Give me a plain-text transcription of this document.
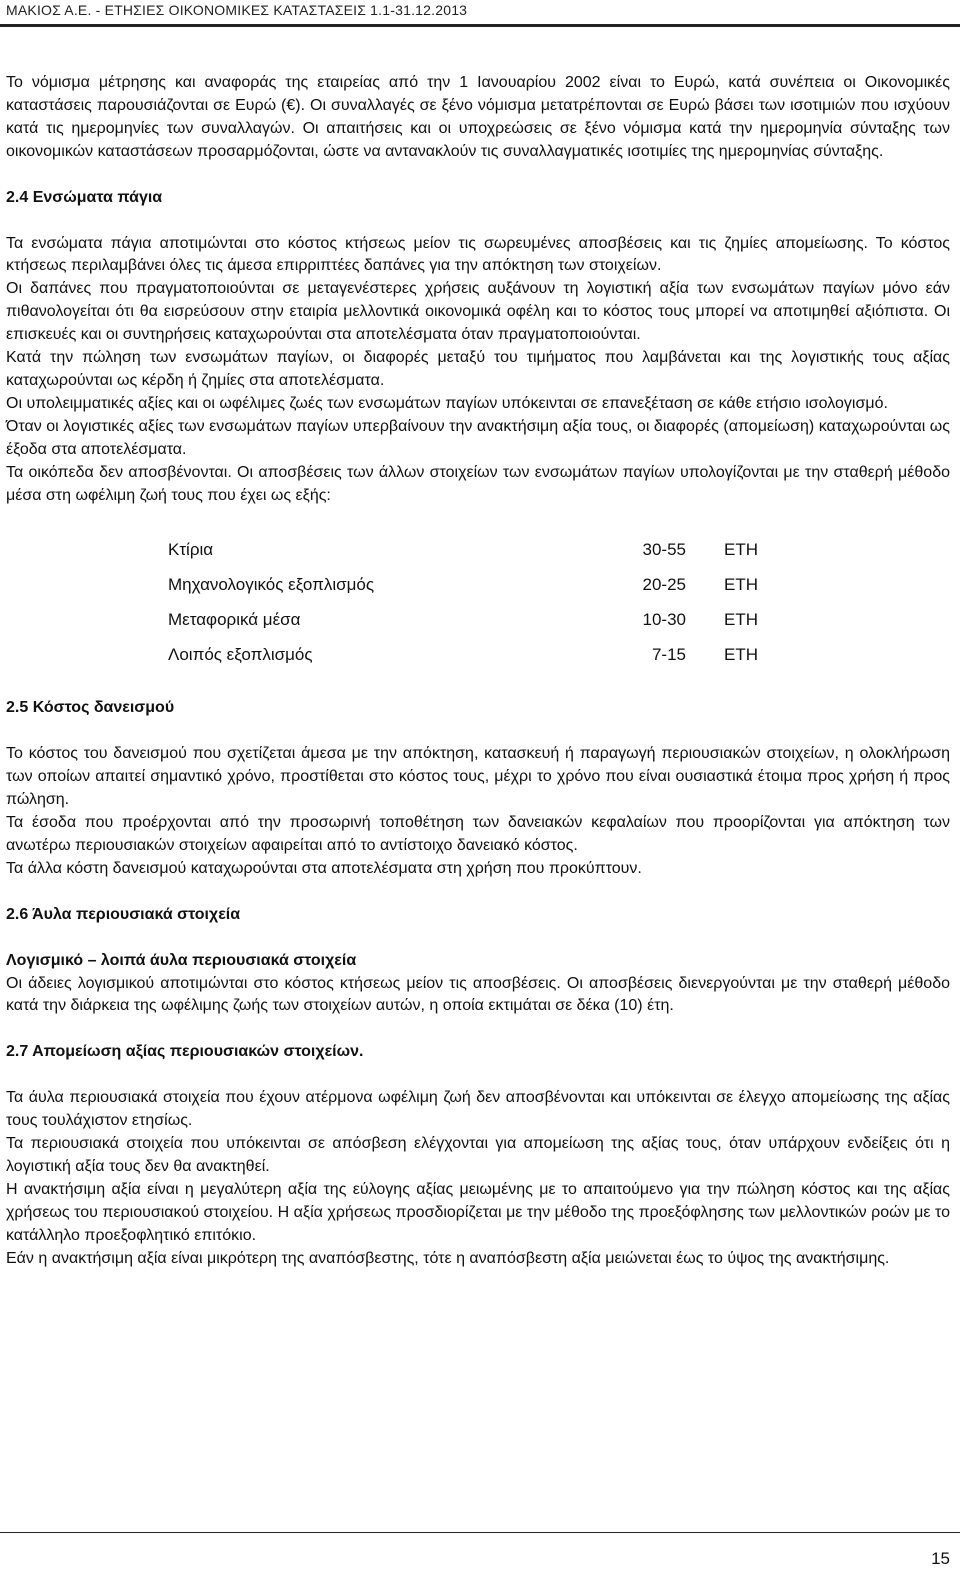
ΜΑΚΙΟΣ Α.Ε. - ΕΤΗΣΙΕΣ ΟΙΚΟΝΟΜΙΚΕΣ ΚΑΤΑΣΤΑΣΕΙΣ 1.1-31.12.2013

Το νόμισμα μέτρησης και αναφοράς της εταιρείας από την 1 Ιανουαρίου 2002 είναι το Ευρώ, κατά συνέπεια οι Οικονομικές καταστάσεις παρουσιάζονται σε Ευρώ (€). Οι συναλλαγές σε ξένο νόμισμα μετατρέπονται σε Ευρώ βάσει των ισοτιμιών που ισχύουν κατά τις ημερομηνίες των συναλλαγών. Οι απαιτήσεις και οι υποχρεώσεις σε ξένο νόμισμα κατά την ημερομηνία σύνταξης των οικονομικών καταστάσεων προσαρμόζονται, ώστε να αντανακλούν τις συναλλαγματικές ισοτιμίες της ημερομηνίας σύνταξης.

2.4 Ενσώματα πάγια

Τα ενσώματα πάγια αποτιμώνται στο κόστος κτήσεως μείον τις σωρευμένες αποσβέσεις και τις ζημίες απομείωσης. Το κόστος κτήσεως περιλαμβάνει όλες τις άμεσα επιρριπτέες δαπάνες για την απόκτηση των στοιχείων.

Οι δαπάνες που πραγματοποιούνται σε μεταγενέστερες χρήσεις αυξάνουν τη λογιστική αξία των ενσωμάτων παγίων μόνο εάν πιθανολογείται ότι θα εισρεύσουν στην εταιρία μελλοντικά οικονομικά οφέλη και το κόστος τους μπορεί να αποτιμηθεί αξιόπιστα. Οι επισκευές και οι συντηρήσεις καταχωρούνται στα αποτελέσματα όταν πραγματοποιούνται.

Κατά την πώληση των ενσωμάτων παγίων, οι διαφορές μεταξύ του τιμήματος που λαμβάνεται και της λογιστικής τους αξίας καταχωρούνται ως κέρδη ή ζημίες στα αποτελέσματα.

Οι υπολειμματικές αξίες και οι ωφέλιμες ζωές των ενσωμάτων παγίων υπόκεινται σε επανεξέταση σε κάθε ετήσιο ισολογισμό.

Όταν οι λογιστικές αξίες των ενσωμάτων παγίων υπερβαίνουν την ανακτήσιμη αξία τους, οι διαφορές (απομείωση) καταχωρούνται ως έξοδα στα αποτελέσματα.

Τα οικόπεδα δεν αποσβένονται. Οι αποσβέσεις των άλλων στοιχείων των ενσωμάτων παγίων υπολογίζονται με την σταθερή μέθοδο μέσα στη ωφέλιμη ζωή τους που έχει ως εξής:

Κτίρια	30-55	ΕΤΗ
Μηχανολογικός εξοπλισμός	20-25	ΕΤΗ
Μεταφορικά μέσα	10-30	ΕΤΗ
Λοιπός εξοπλισμός	7-15	ΕΤΗ
2.5 Κόστος δανεισμού

Το κόστος του δανεισμού που σχετίζεται άμεσα με την απόκτηση, κατασκευή ή παραγωγή περιουσιακών στοιχείων, η ολοκλήρωση των οποίων απαιτεί σημαντικό χρόνο, προστίθεται στο κόστος τους, μέχρι το χρόνο που είναι ουσιαστικά έτοιμα προς χρήση ή προς πώληση.

Τα έσοδα που προέρχονται από την προσωρινή τοποθέτηση των δανειακών κεφαλαίων που προορίζονται για απόκτηση των ανωτέρω περιουσιακών στοιχείων αφαιρείται από το αντίστοιχο δανειακό κόστος.

Τα άλλα κόστη δανεισμού καταχωρούνται στα αποτελέσματα στη χρήση που προκύπτουν.

2.6 Άυλα περιουσιακά στοιχεία
Λογισμικό – λοιπά άυλα περιουσιακά στοιχεία

Οι άδειες λογισμικού αποτιμώνται στο κόστος κτήσεως μείον τις αποσβέσεις. Οι αποσβέσεις διενεργούνται με την σταθερή μέθοδο κατά την διάρκεια της ωφέλιμης ζωής των στοιχείων αυτών, η οποία εκτιμάται σε δέκα (10) έτη.

2.7 Απομείωση αξίας περιουσιακών στοιχείων.

Τα άυλα περιουσιακά στοιχεία που έχουν ατέρμονα ωφέλιμη ζωή δεν αποσβένονται και υπόκεινται σε έλεγχο απομείωσης της αξίας τους τουλάχιστον ετησίως.

Τα περιουσιακά στοιχεία που υπόκεινται σε απόσβεση ελέγχονται για απομείωση της αξίας τους, όταν υπάρχουν ενδείξεις ότι η λογιστική αξία τους δεν θα ανακτηθεί.

Η ανακτήσιμη αξία είναι η μεγαλύτερη αξία της εύλογης αξίας μειωμένης με το απαιτούμενο για την πώληση κόστος και της αξίας χρήσεως του περιουσιακού στοιχείου. Η αξία χρήσεως προσδιορίζεται με την μέθοδο της προεξόφλησης των μελλοντικών ροών με το κατάλληλο προεξοφλητικό επιτόκιο.

Εάν η ανακτήσιμη αξία είναι μικρότερη της αναπόσβεστης, τότε η αναπόσβεστη αξία μειώνεται έως το ύψος της ανακτήσιμης.

15
